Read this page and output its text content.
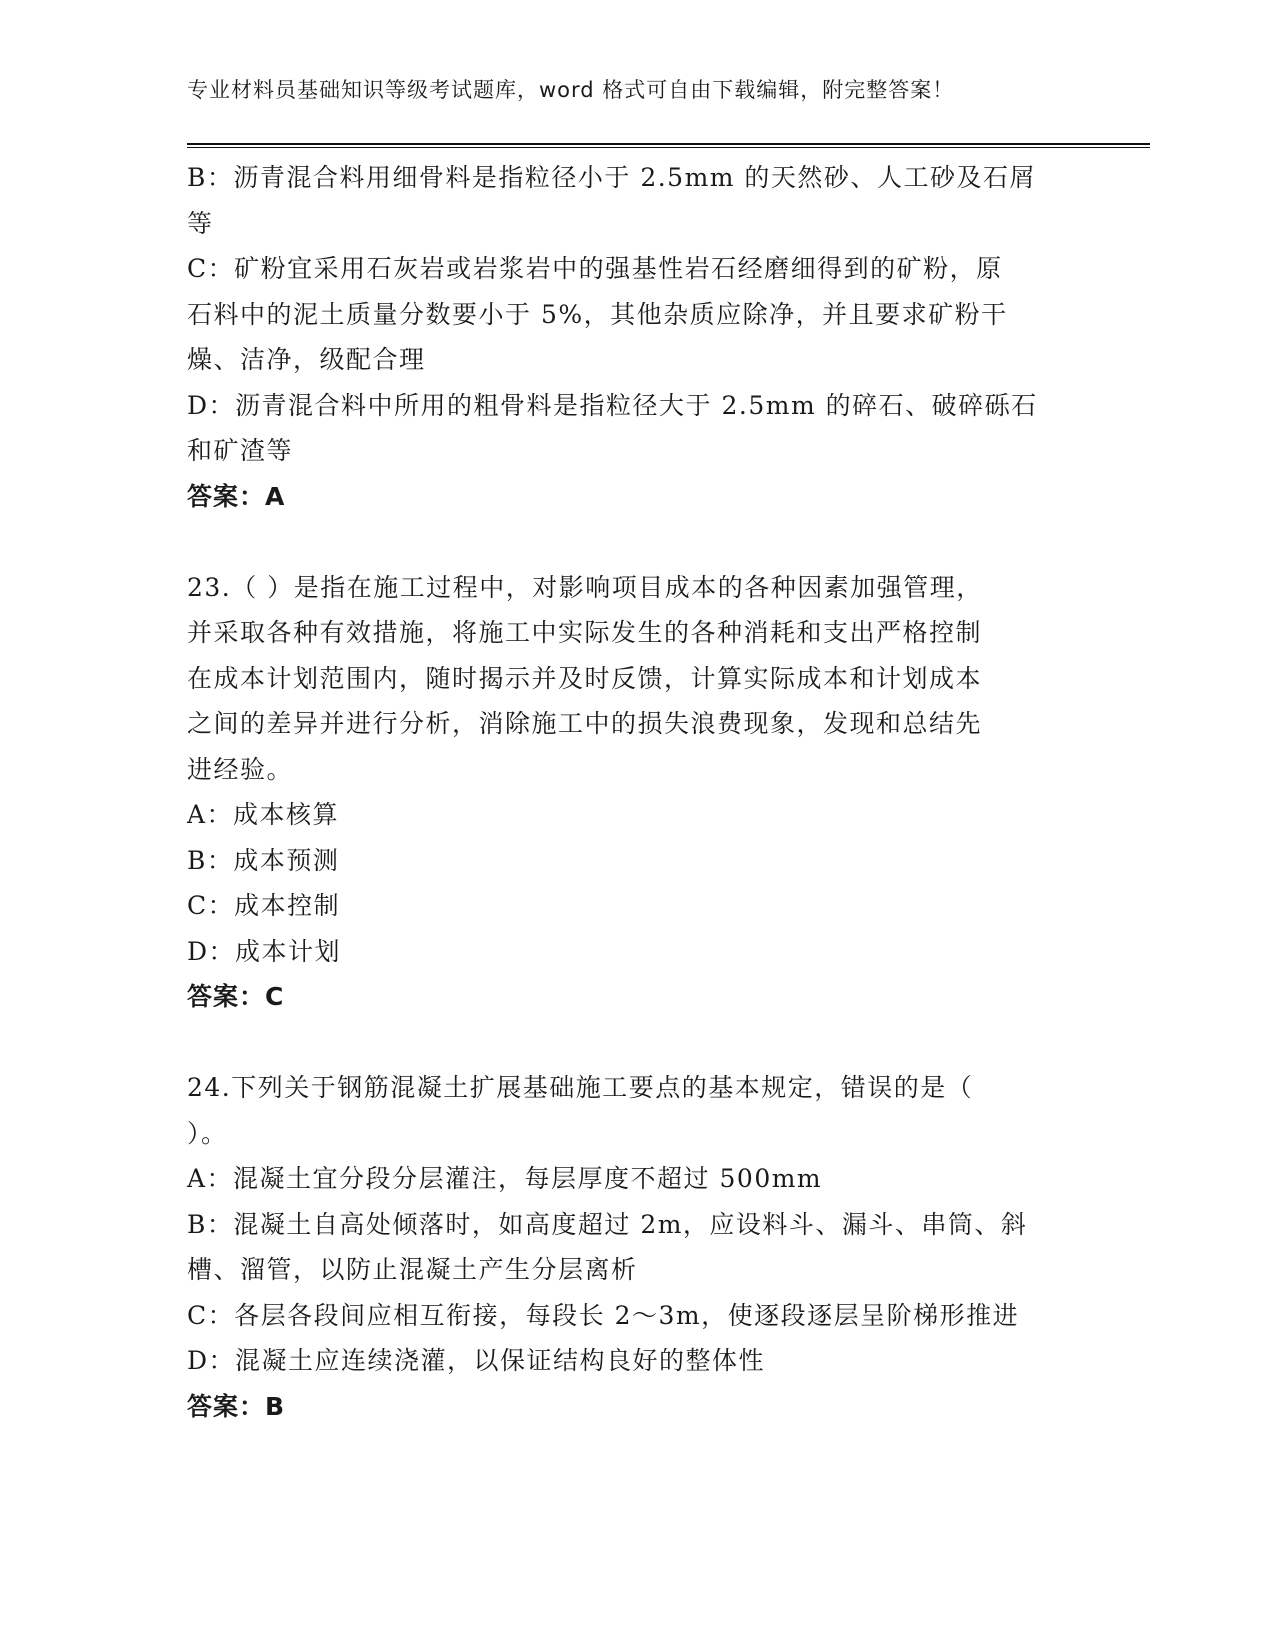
专业材料员基础知识等级考试题库，word 格式可自由下载编辑，附完整答案！
B：沥青混合料用细骨料是指粒径小于 2.5mm 的天然砂、人工砂及石屑
等
C：矿粉宜采用石灰岩或岩浆岩中的强基性岩石经磨细得到的矿粉，原
石料中的泥土质量分数要小于 5%，其他杂质应除净，并且要求矿粉干
燥、洁净，级配合理
D：沥青混合料中所用的粗骨料是指粒径大于 2.5mm 的碎石、破碎砾石
和矿渣等
答案：A
23.（ ）是指在施工过程中，对影响项目成本的各种因素加强管理，
并采取各种有效措施，将施工中实际发生的各种消耗和支出严格控制
在成本计划范围内，随时揭示并及时反馈，计算实际成本和计划成本
之间的差异并进行分析，消除施工中的损失浪费现象，发现和总结先
进经验。
A：成本核算
B：成本预测
C：成本控制
D：成本计划
答案：C
24.下列关于钢筋混凝土扩展基础施工要点的基本规定，错误的是（
）。
A：混凝土宜分段分层灌注，每层厚度不超过 500mm
B：混凝土自高处倾落时，如高度超过 2m，应设料斗、漏斗、串筒、斜
槽、溜管，以防止混凝土产生分层离析
C：各层各段间应相互衔接，每段长 2～3m，使逐段逐层呈阶梯形推进
D：混凝土应连续浇灌，以保证结构良好的整体性
答案：B
